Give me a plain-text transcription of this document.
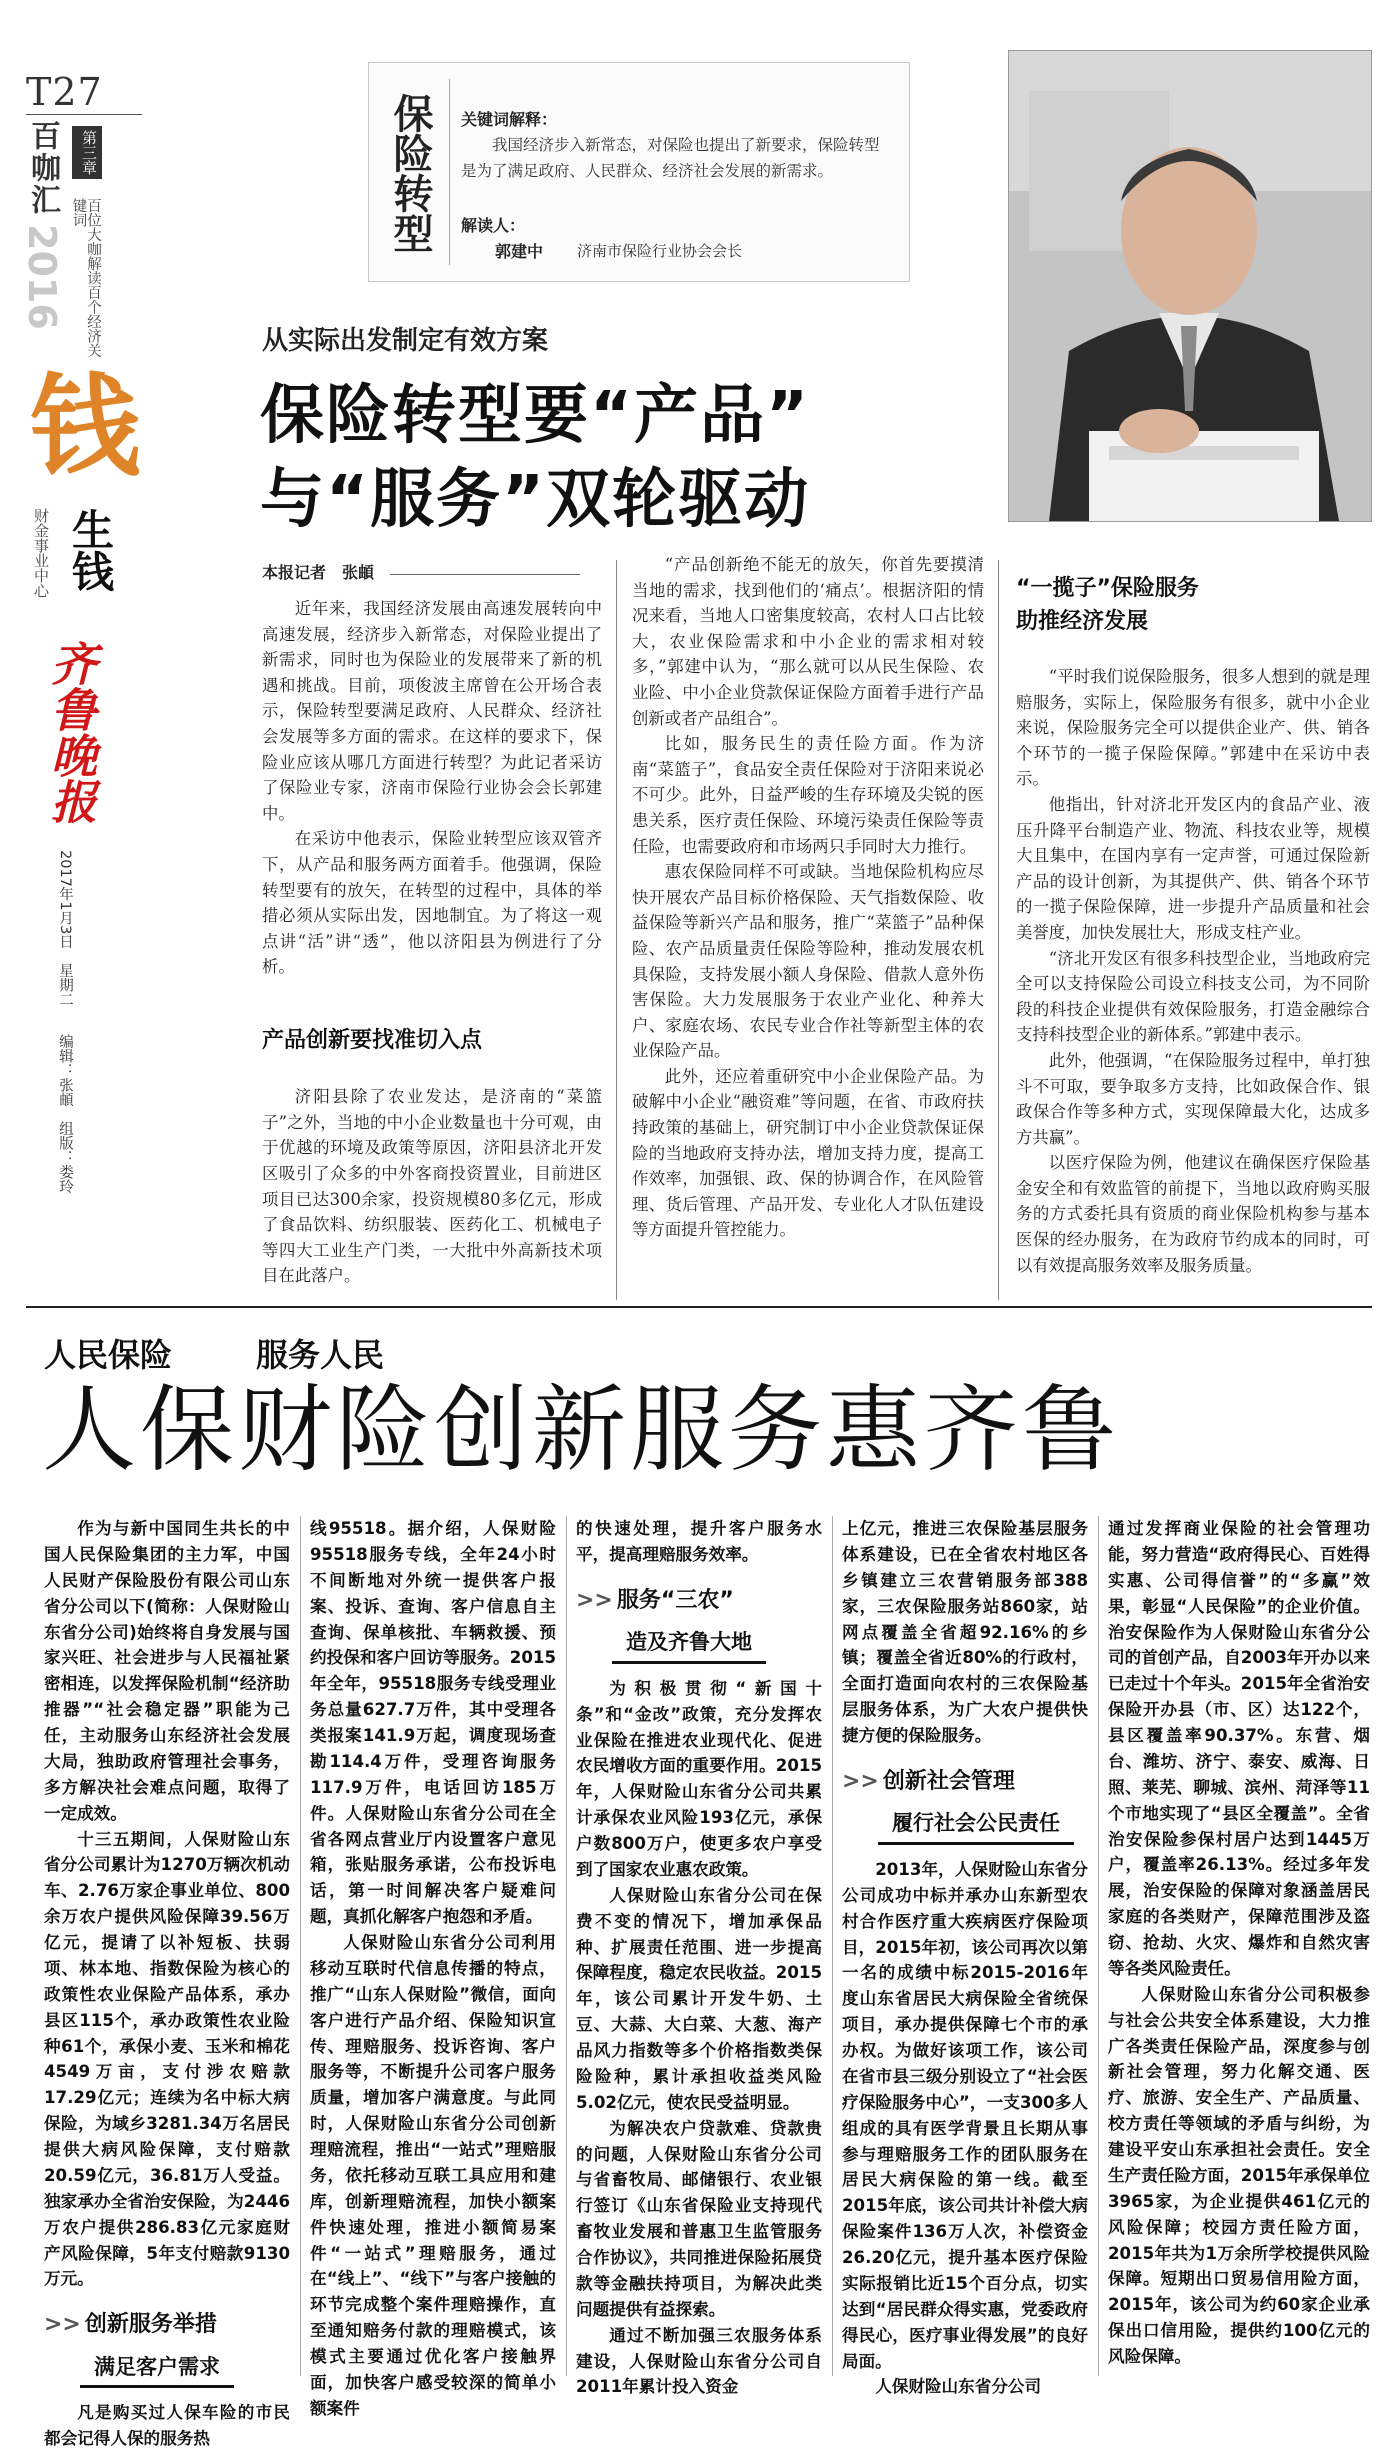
T27
百咖汇
2016
第三章
百位大咖解读百个经济关键词
钱
财金事业中心 生钱
齐鲁晚报
2017年1月3日　星期二
编辑：张頔　组版：娄玲
保险转型 关键词解释：
我国经济步入新常态，对保险也提出了新要求，保险转型是为了满足政府、人民群众、经济社会发展的新需求。
解读人：
郭建中 济南市保险行业协会会长
从实际出发制定有效方案
保险转型要“产品”
与“服务”双轮驱动
本报记者　张頔

近年来，我国经济发展由高速发展转向中高速发展，经济步入新常态，对保险业提出了新需求，同时也为保险业的发展带来了新的机遇和挑战。目前，项俊波主席曾在公开场合表示，保险转型要满足政府、人民群众、经济社会发展等多方面的需求。在这样的要求下，保险业应该从哪几方面进行转型？为此记者采访了保险业专家，济南市保险行业协会会长郭建中。

在采访中他表示，保险业转型应该双管齐下，从产品和服务两方面着手。他强调，保险转型要有的放矢，在转型的过程中，具体的举措必须从实际出发，因地制宜。为了将这一观点讲“活”讲“透”，他以济阳县为例进行了分析。

产品创新要找准切入点

济阳县除了农业发达，是济南的“菜篮子”之外，当地的中小企业数量也十分可观，由于优越的环境及政策等原因，济阳县济北开发区吸引了众多的中外客商投资置业，目前进区项目已达300余家，投资规模80多亿元，形成了食品饮料、纺织服装、医药化工、机械电子等四大工业生产门类，一大批中外高新技术项目在此落户。

“产品创新绝不能无的放矢，你首先要摸清当地的需求，找到他们的‘痛点’。根据济阳的情况来看，当地人口密集度较高，农村人口占比较大，农业保险需求和中小企业的需求相对较多，”郭建中认为，“那么就可以从民生保险、农业险、中小企业贷款保证保险方面着手进行产品创新或者产品组合”。

比如，服务民生的责任险方面。作为济南“菜篮子”，食品安全责任保险对于济阳来说必不可少。此外，日益严峻的生存环境及尖锐的医患关系，医疗责任保险、环境污染责任保险等责任险，也需要政府和市场两只手同时大力推行。

惠农保险同样不可或缺。当地保险机构应尽快开展农产品目标价格保险、天气指数保险、收益保险等新兴产品和服务，推广“菜篮子”品种保险、农产品质量责任保险等险种，推动发展农机具保险，支持发展小额人身保险、借款人意外伤害保险。大力发展服务于农业产业化、种养大户、家庭农场、农民专业合作社等新型主体的农业保险产品。

此外，还应着重研究中小企业保险产品。为破解中小企业“融资难”等问题，在省、市政府扶持政策的基础上，研究制订中小企业贷款保证保险的当地政府支持办法，增加支持力度，提高工作效率，加强银、政、保的协调合作，在风险管理、货后管理、产品开发、专业化人才队伍建设等方面提升管控能力。

“一揽子”保险服务
助推经济发展

“平时我们说保险服务，很多人想到的就是理赔服务，实际上，保险服务有很多，就中小企业来说，保险服务完全可以提供企业产、供、销各个环节的一揽子保险保障。”郭建中在采访中表示。

他指出，针对济北开发区内的食品产业、液压升降平台制造产业、物流、科技农业等，规模大且集中，在国内享有一定声誉，可通过保险新产品的设计创新，为其提供产、供、销各个环节的一揽子保险保障，进一步提升产品质量和社会美誉度，加快发展壮大，形成支柱产业。

“济北开发区有很多科技型企业，当地政府完全可以支持保险公司设立科技支公司，为不同阶段的科技企业提供有效保险服务，打造金融综合支持科技型企业的新体系。”郭建中表示。

此外，他强调，“在保险服务过程中，单打独斗不可取，要争取多方支持，比如政保合作、银政保合作等多种方式，实现保障最大化，达成多方共赢”。

以医疗保险为例，他建议在确保医疗保险基金安全和有效监管的前提下，当地以政府购买服务的方式委托具有资质的商业保险机构参与基本医保的经办服务，在为政府节约成本的同时，可以有效提高服务效率及服务质量。

人民保险	服务人民
人保财险创新服务惠齐鲁

作为与新中国同生共长的中国人民保险集团的主力军，中国人民财产保险股份有限公司山东省分公司以下(简称：人保财险山东省分公司)始终将自身发展与国家兴旺、社会进步与人民福祉紧密相连，以发挥保险机制“经济助推器”“社会稳定器”职能为己任，主动服务山东经济社会发展大局，独助政府管理社会事务，多方解决社会难点问题，取得了一定成效。

十三五期间，人保财险山东省分公司累计为1270万辆次机动车、2.76万家企事业单位、800余万农户提供风险保障39.56万亿元，提请了以补短板、扶弱项、林本地、指数保险为核心的政策性农业保险产品体系，承办县区115个，承办政策性农业险种61个，承保小麦、玉米和棉花4549万亩，支付涉农赔款17.29亿元；连续为名中标大病保险，为域乡3281.34万名居民提供大病风险保障，支付赔款20.59亿元，36.81万人受益。独家承办全省治安保险，为2446万农户提供286.83亿元家庭财产风险保障，5年支付赔款9130万元。

>> 创新服务举措
满足客户需求

凡是购买过人保车险的市民都会记得人保的服务热

线95518。据介绍，人保财险95518服务专线，全年24小时不间断地对外统一提供客户报案、投诉、查询、客户信息自主查询、保单核批、车辆救援、预约投保和客户回访等服务。2015年全年，95518服务专线受理业务总量627.7万件，其中受理各类报案141.9万起，调度现场查勘114.4万件，受理咨询服务117.9万件，电话回访185万件。人保财险山东省分公司在全省各网点营业厅内设置客户意见箱，张贴服务承诺，公布投诉电话，第一时间解决客户疑难问题，真抓化解客户抱怨和矛盾。

人保财险山东省分公司利用移动互联时代信息传播的特点，推广“山东人保财险”微信，面向客户进行产品介绍、保险知识宣传、理赔服务、投诉咨询、客户服务等，不断提升公司客户服务质量，增加客户满意度。与此同时，人保财险山东省分公司创新理赔流程，推出“一站式”理赔服务，依托移动互联工具应用和建库，创新理赔流程，加快小额案件快速处理，推进小额简易案件“一站式”理赔服务，通过在“线上”、“线下”与客户接触的环节完成整个案件理赔操作，直至通知赔务付款的理赔模式，该模式主要通过优化客户接触界面，加快客户感受较深的简单小额案件

的快速处理，提升客户服务水平，提高理赔服务效率。

>> 服务“三农”
造及齐鲁大地

为积极贯彻“新国十条”和“金改”政策，充分发挥农业保险在推进农业现代化、促进农民增收方面的重要作用。2015年，人保财险山东省分公司共累计承保农业风险193亿元，承保户数800万户，使更多农户享受到了国家农业惠农政策。

人保财险山东省分公司在保费不变的情况下，增加承保品种、扩展责任范围、进一步提高保障程度，稳定农民收益。2015年，该公司累计开发牛奶、土豆、大蒜、大白菜、大葱、海产品风力指数等多个价格指数类保险险种，累计承担收益类风险5.02亿元，使农民受益明显。

为解决农户贷款难、贷款贵的问题，人保财险山东省分公司与省畜牧局、邮储银行、农业银行签订《山东省保险业支持现代畜牧业发展和普惠卫生监管服务合作协议》，共同推进保险拓展贷款等金融扶持项目，为解决此类问题提供有益探索。

通过不断加强三农服务体系建设，人保财险山东省分公司自2011年累计投入资金

上亿元，推进三农保险基层服务体系建设，已在全省农村地区各乡镇建立三农营销服务部388家，三农保险服务站860家，站网点覆盖全省超92.16%的乡镇；覆盖全省近80%的行政村，全面打造面向农村的三农保险基层服务体系，为广大农户提供快捷方便的保险服务。

>> 创新社会管理
履行社会公民责任

2013年，人保财险山东省分公司成功中标并承办山东新型农村合作医疗重大疾病医疗保险项目，2015年初，该公司再次以第一名的成绩中标2015-2016年度山东省居民大病保险全省统保项目，承办提供保障七个市的承办权。为做好该项工作，该公司在省市县三级分别设立了“社会医疗保险服务中心”，一支300多人组成的具有医学背景且长期从事参与理赔服务工作的团队服务在居民大病保险的第一线。截至2015年底，该公司共计补偿大病保险案件136万人次，补偿资金26.20亿元，提升基本医疗保险实际报销比近15个百分点，切实达到“居民群众得实惠，党委政府得民心，医疗事业得发展”的良好局面。

人保财险山东省分公司

通过发挥商业保险的社会管理功能，努力营造“政府得民心、百姓得实惠、公司得信誉”的“多赢”效果，彰显“人民保险”的企业价值。治安保险作为人保财险山东省分公司的首创产品，自2003年开办以来已走过十个年头。2015年全省治安保险开办县（市、区）达122个，县区覆盖率90.37%。东营、烟台、潍坊、济宁、泰安、威海、日照、莱芜、聊城、滨州、菏泽等11个市地实现了“县区全覆盖”。全省治安保险参保村居户达到1445万户，覆盖率26.13%。经过多年发展，治安保险的保障对象涵盖居民家庭的各类财产，保障范围涉及盗窃、抢劫、火灾、爆炸和自然灾害等各类风险责任。

人保财险山东省分公司积极参与社会公共安全体系建设，大力推广各类责任保险产品，深度参与创新社会管理，努力化解交通、医疗、旅游、安全生产、产品质量、校方责任等领域的矛盾与纠纷，为建设平安山东承担社会责任。安全生产责任险方面，2015年承保单位3965家，为企业提供461亿元的风险保障；校园方责任险方面，2015年共为1万余所学校提供风险保障。短期出口贸易信用险方面，2015年，该公司为约60家企业承保出口信用险，提供约100亿元的风险保障。
